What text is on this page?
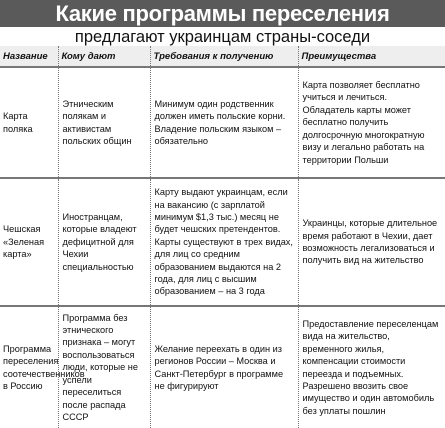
Какие программы переселения
предлагают украинцам страны-соседи
Название	Кому дают	Требования к получению	Преимущества
Карта поляка	Этническим полякам и активистам польских общин	Минимум один родственник должен иметь польские корни. Владение польским языком – обязательно	Карта позволяет бесплатно учиться и лечиться. Обладатель карты может бесплатно получить долгосрочную многократную визу и легально работать на территории Польши
Чешская «Зеленая карта»	Иностранцам, которые владеют дефицитной для Чехии специальностью	Карту выдают украинцам, если на вакансию (с зарплатой минимум $1,3 тыс.) месяц не будет чешских претендентов. Карты существуют в трех видах, для лиц со средним образованием выдаются на 2 года, для лиц с высшим образованием – на 3 года	Украинцы, которые длительное время работают в Чехии, дает возможность легализоваться и получить вид на жительство
Программа переселения соотечественников в Россию	Программа без этнического признака – могут воспользоваться люди, которые не успели переселиться после распада СССР	Желание переехать в один из регионов России – Москва и Санкт-Петербург в программе не фигурируют	Предоставление переселенцам вида на жительство, временного жилья, компенсации стоимости переезда и подъемных. Разрешено ввозить свое имущество и один автомобиль без уплаты пошлин
